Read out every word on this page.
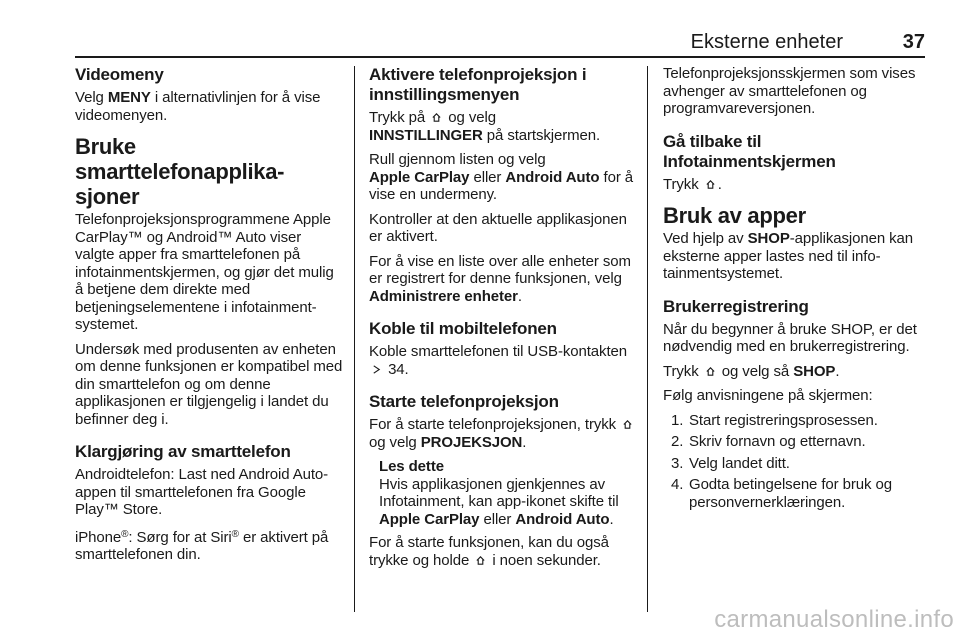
Eksterne enheter	37
Videomeny

Velg MENY i alternativlinjen for å vise videomenyen.

Bruke smarttelefonapplika-
sjoner

Telefonprojeksjonsprogrammene Apple CarPlay™ og Android™ Auto viser valgte apper fra smarttelefonen på infotainmentskjermen, og gjør det mulig å betjene dem direkte med betjeningselementene i infotainmentsystemet.

Undersøk med produsenten av enheten om denne funksjonen er kompatibel med din smarttelefon og om denne applikasjonen er tilgjengelig i landet du befinner deg i.

Klargjøring av smarttelefon

Androidtelefon: Last ned Android Auto-appen til smarttelefonen fra Google Play™ Store.

iPhone®: Sørg for at Siri® er aktivert på smarttelefonen din.

Aktivere telefonprojeksjon i innstillingsmenyen

Trykk på  og velg
INNSTILLINGER på startskjermen.

Rull gjennom listen og velg
Apple CarPlay eller Android Auto for å vise en undermeny.

Kontroller at den aktuelle applikasjonen er aktivert.

For å vise en liste over alle enheter som er registrert for denne funksjonen, velg Administrere enheter.

Koble til mobiltelefonen

Koble smarttelefonen til USB-kontakten  34.

Starte telefonprojeksjon

For å starte telefonprojeksjonen, trykk  og velg PROJEKSJON.

Les dette
Hvis applikasjonen gjenkjennes av Infotainment, kan app-ikonet skifte til Apple CarPlay eller Android Auto.

For å starte funksjonen, kan du også trykke og holde  i noen sekunder.

Telefonprojeksjonsskjermen som vises avhenger av smarttelefonen og programvareversjonen.

Gå tilbake til Infotainmentskjermen

Trykk .

Bruk av apper

Ved hjelp av SHOP-applikasjonen kan eksterne apper lastes ned til infotainmentsystemet.

Brukerregistrering

Når du begynner å bruke SHOP, er det nødvendig med en brukerregistrering.

Trykk  og velg så SHOP.

Følg anvisningene på skjermen:

1. Start registreringsprosessen.
2. Skriv fornavn og etternavn.
3. Velg landet ditt.
4. Godta betingelsene for bruk og personvernerklæringen.
carmanualsonline.info
